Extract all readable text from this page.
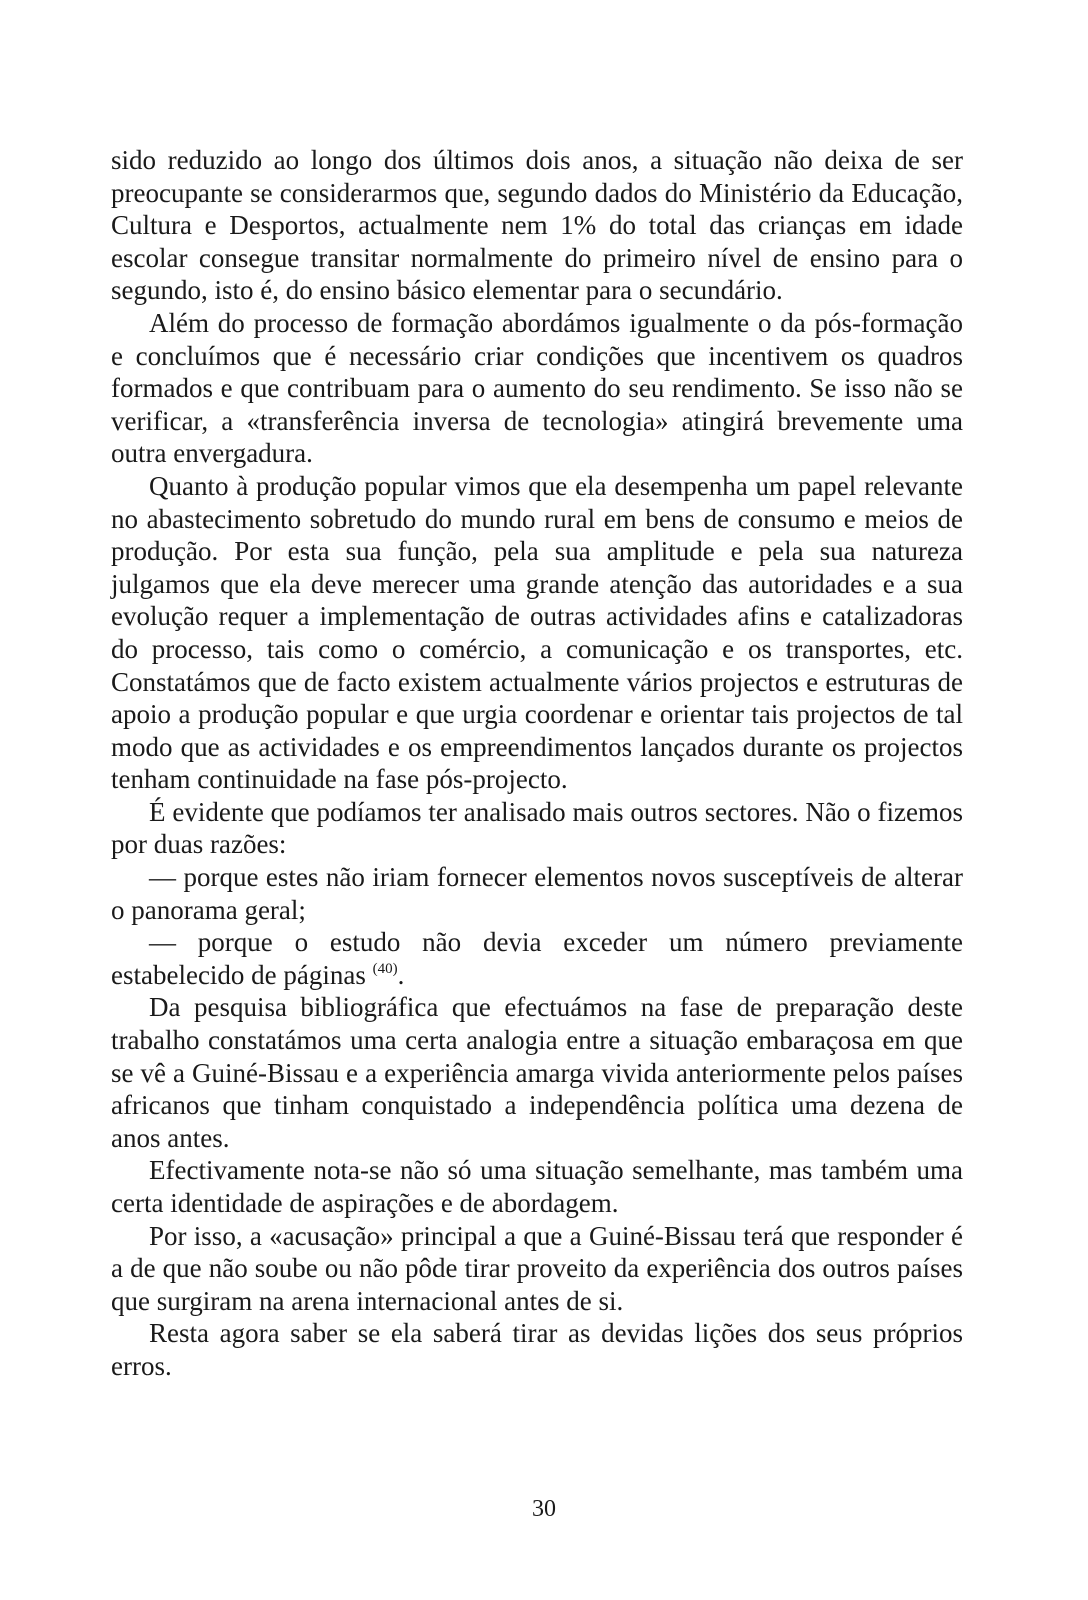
sido reduzido ao longo dos últimos dois anos, a situação não deixa de ser preocupante se considerarmos que, segundo dados do Ministério da Educação, Cultura e Desportos, actualmente nem 1% do total das crianças em idade escolar consegue transitar normalmente do primeiro nível de ensino para o segundo, isto é, do ensino básico elementar para o secundário.

Além do processo de formação abordámos igualmente o da pós-formação e concluímos que é necessário criar condições que incentivem os quadros formados e que contribuam para o aumento do seu rendimento. Se isso não se verificar, a «transferência inversa de tecnologia» atingirá brevemente uma outra envergadura.

Quanto à produção popular vimos que ela desempenha um papel relevante no abastecimento sobretudo do mundo rural em bens de consumo e meios de produção. Por esta sua função, pela sua amplitude e pela sua natureza julgamos que ela deve merecer uma grande atenção das autoridades e a sua evolução requer a implementação de outras actividades afins e catalizadoras do processo, tais como o comércio, a comunicação e os transportes, etc. Constatámos que de facto existem actualmente vários projectos e estruturas de apoio a produção popular e que urgia coordenar e orientar tais projectos de tal modo que as actividades e os empreendimentos lançados durante os projectos tenham continuidade na fase pós-projecto.

É evidente que podíamos ter analisado mais outros sectores. Não o fizemos por duas razões:

— porque estes não iriam fornecer elementos novos susceptíveis de alterar o panorama geral;

— porque o estudo não devia exceder um número previamente estabelecido de páginas $^{(40)}$.

Da pesquisa bibliográfica que efectuámos na fase de preparação deste trabalho constatámos uma certa analogia entre a situação embaraçosa em que se vê a Guiné-Bissau e a experiência amarga vivida anteriormente pelos países africanos que tinham conquistado a independência política uma dezena de anos antes.

Efectivamente nota-se não só uma situação semelhante, mas também uma certa identidade de aspirações e de abordagem.

Por isso, a «acusação» principal a que a Guiné-Bissau terá que responder é a de que não soube ou não pôde tirar proveito da experiência dos outros países que surgiram na arena internacional antes de si.

Resta agora saber se ela saberá tirar as devidas lições dos seus próprios erros.

30
